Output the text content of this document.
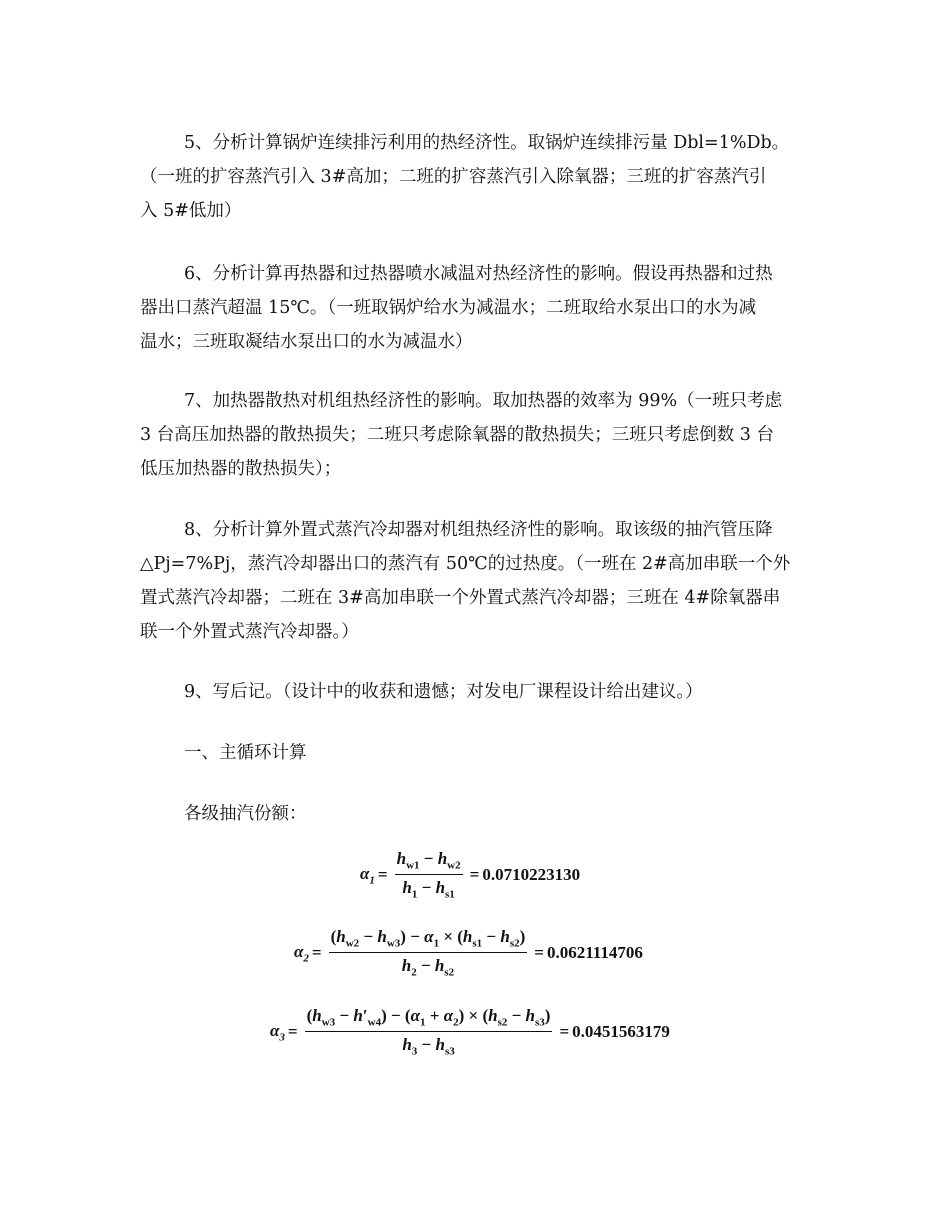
5、分析计算锅炉连续排污利用的热经济性。取锅炉连续排污量 Dbl=1%Db。
（一班的扩容蒸汽引入 3#高加；二班的扩容蒸汽引入除氧器；三班的扩容蒸汽引
入 5#低加）

6、分析计算再热器和过热器喷水减温对热经济性的影响。假设再热器和过热
器出口蒸汽超温 15℃。（一班取锅炉给水为减温水；二班取给水泵出口的水为减
温水；三班取凝结水泵出口的水为减温水）

7、加热器散热对机组热经济性的影响。取加热器的效率为 99%（一班只考虑
3 台高压加热器的散热损失；二班只考虑除氧器的散热损失；三班只考虑倒数 3 台
低压加热器的散热损失）；

8、分析计算外置式蒸汽冷却器对机组热经济性的影响。取该级的抽汽管压降
△Pj=7%Pj，蒸汽冷却器出口的蒸汽有 50℃的过热度。（一班在 2#高加串联一个外
置式蒸汽冷却器；二班在 3#高加串联一个外置式蒸汽冷却器；三班在 4#除氧器串
联一个外置式蒸汽冷却器。）

9、写后记。（设计中的收获和遗憾；对发电厂课程设计给出建议。）

一、主循环计算

各级抽汽份额：

$\alpha_1 = \frac{h_{w1} - h_{w2}}{h_1 - h_{s1}} = 0.0710223130$
$\alpha_2 = \frac{(h_{w2} - h_{w3}) - \alpha_1 \times (h_{s1} - h_{s2})}{h_2 - h_{s2}} = 0.0621114706$
$\alpha_3 = \frac{(h_{w3} - h'_{w4}) - (\alpha_1 + \alpha_2) \times (h_{s2} - h_{s3})}{h_3 - h_{s3}} = 0.0451563179$
